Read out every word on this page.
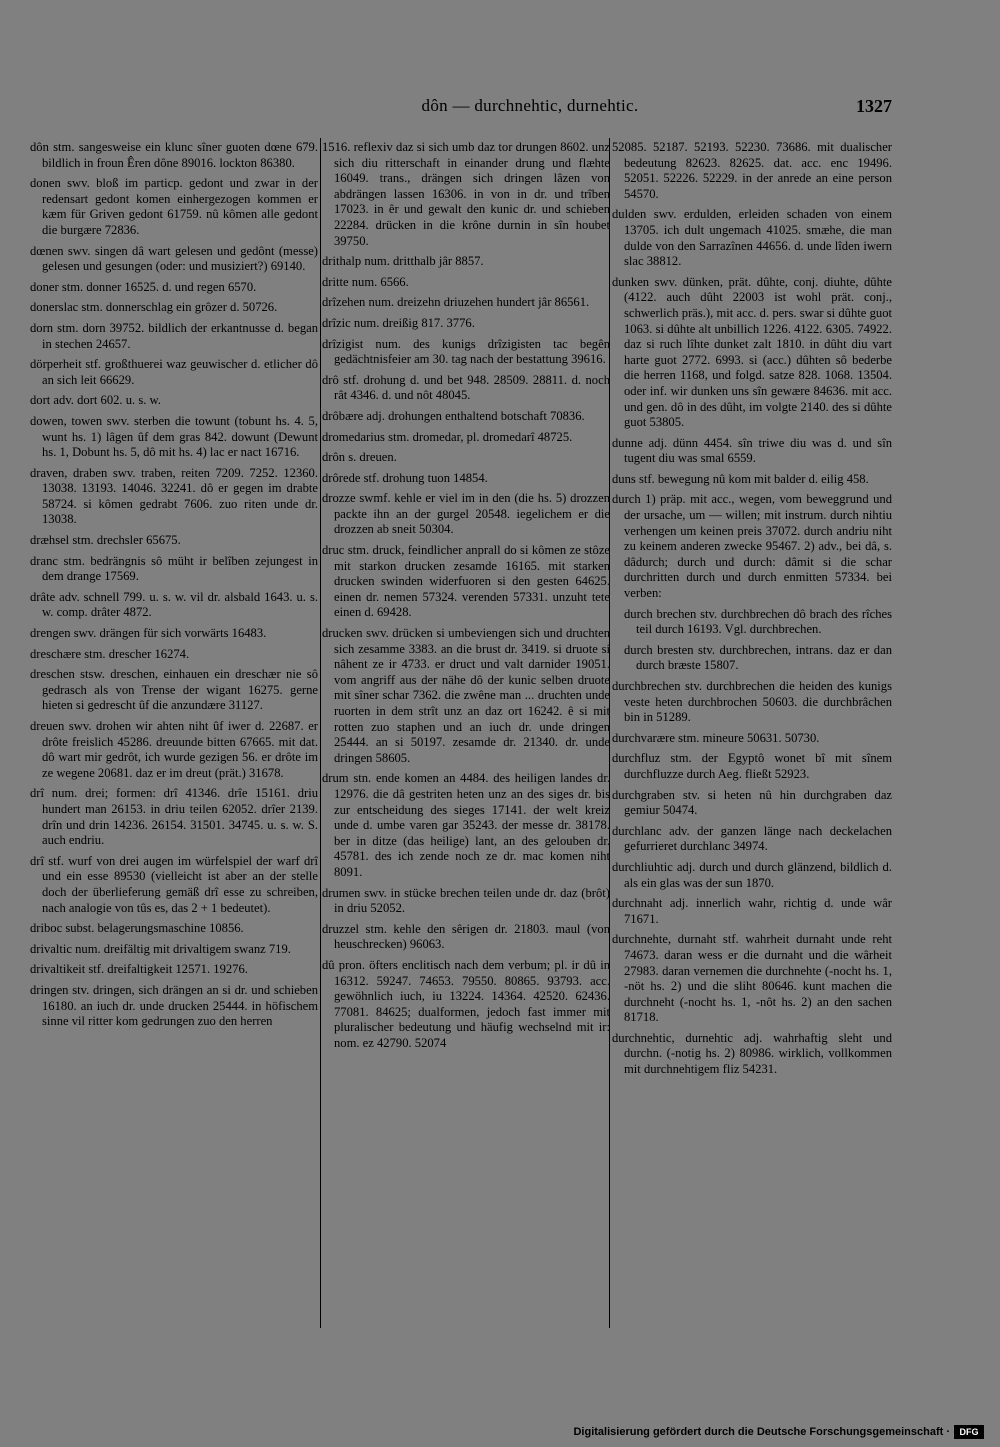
dôn — durchnehtic, durnehtic.	1327

dôn stm. sangesweise ein klunc sîner guoten dœne 679. bildlich in froun Êren dône 89016. lockton 86380.

donen swv. bloß im particp. gedont und zwar in der redensart gedont komen einhergezogen kommen er kæm für Griven gedont 61759. nû kômen alle gedont die burgære 72836.

dœnen swv. singen dâ wart gelesen und gedônt (messe) gelesen und gesungen (oder: und musiziert?) 69140.

doner stm. donner 16525. d. und regen 6570.

donerslac stm. donnerschlag ein grôzer d. 50726.

dorn stm. dorn 39752. bildlich der erkantnusse d. began in stechen 24657.

dörperheit stf. großthuerei waz geuwischer d. etlicher dô an sich leit 66629.

dort adv. dort 602. u. s. w.

dowen, towen swv. sterben die towunt (tobunt hs. 4. 5, wunt hs. 1) lâgen ûf dem gras 842. dowunt (Dewunt hs. 1, Dobunt hs. 5, dô mit hs. 4) lac er nact 16716.

draven, draben swv. traben, reiten 7209. 7252. 12360. 13038. 13193. 14046. 32241. dô er gegen im drabte 58724. si kômen gedrabt 7606. zuo riten unde dr. 13038.

dræhsel stm. drechsler 65675.

dranc stm. bedrängnis sô müht ir belîben zejungest in dem drange 17569.

drâte adv. schnell 799. u. s. w. vil dr. alsbald 1643. u. s. w. comp. drâter 4872.

drengen swv. drängen für sich vorwärts 16483.

dreschære stm. drescher 16274.

dreschen stsw. dreschen, einhauen ein dreschær nie sô gedrasch als von Trense der wigant 16275. gerne hieten si gedrescht ûf die anzundære 31127.

dreuen swv. drohen wir ahten niht ûf iwer d. 22687. er drôte freislich 45286. dreuunde bitten 67665. mit dat. dô wart mir gedrôt, ich wurde gezigen 56. er drôte im ze wegene 20681. daz er im dreut (prät.) 31678.

drî num. drei; formen: drî 41346. drîe 15161. driu hundert man 26153. in driu teilen 62052. drîer 2139. drîn und drin 14236. 26154. 31501. 34745. u. s. w. S. auch endriu.

drî stf. wurf von drei augen im würfelspiel der warf drî und ein esse 89530 (vielleicht ist aber an der stelle doch der überlieferung gemäß drî esse zu schreiben, nach analogie von tûs es, das 2 + 1 bedeutet).

driboc subst. belagerungsmaschine 10856.

drivaltic num. dreifältig mit drivaltigem swanz 719.

drivaltikeit stf. dreifaltigkeit 12571. 19276.

dringen stv. dringen, sich drängen an si dr. und schieben 16180. an iuch dr. unde drucken 25444. in höfischem sinne vil ritter kom gedrungen zuo den herren

1516. reflexiv daz si sich umb daz tor drungen 8602. unz sich diu ritterschaft in einander drung und flæhte 16049. trans., drängen sich dringen lâzen von abdrängen lassen 16306. in von in dr. und trîben 17023. in êr und gewalt den kunic dr. und schieben 22284. drücken in die krône durnin in sîn houbet 39750.

drithalp num. dritthalb jâr 8857.

dritte num. 6566.

drîzehen num. dreizehn driuzehen hundert jâr 86561.

drîzic num. dreißig 817. 3776.

drîzigist num. des kunigs drîzigisten tac begên gedächtnisfeier am 30. tag nach der bestattung 39616.

drô stf. drohung d. und bet 948. 28509. 28811. d. noch rât 4346. d. und nôt 48045.

drôbære adj. drohungen enthaltend botschaft 70836.

dromedarius stm. dromedar, pl. dromedarî 48725.

drôn s. dreuen.

drôrede stf. drohung tuon 14854.

drozze swmf. kehle er viel im in den (die hs. 5) drozzen packte ihn an der gurgel 20548. iegelichem er die drozzen ab sneit 50304.

druc stm. druck, feindlicher anprall do si kômen ze stôze mit starkon drucken zesamde 16165. mit starken drucken swinden widerfuoren si den gesten 64625. einen dr. nemen 57324. verenden 57331. unzuht tete einen d. 69428.

drucken swv. drücken si umbeviengen sich und druchten sich zesamme 3383. an die brust dr. 3419. si druote si nâhent ze ir 4733. er druct und valt darnider 19051. vom angriff aus der nähe dô der kunic selben druote mit sîner schar 7362. die zwêne man ... druchten unde ruorten in dem strît unz an daz ort 16242. ê si mit rotten zuo staphen und an iuch dr. unde dringen 25444. an si 50197. zesamde dr. 21340. dr. unde dringen 58605.

drum stn. ende komen an 4484. des heiligen landes dr. 12976. die dâ gestriten heten unz an des siges dr. bis zur entscheidung des sieges 17141. der welt kreiz unde d. umbe varen gar 35243. der messe dr. 38178. ber in ditze (das heilige) lant, an des gelouben dr. 45781. des ich zende noch ze dr. mac komen niht 8091.

drumen swv. in stücke brechen teilen unde dr. daz (brôt) in driu 52052.

druzzel stm. kehle den sêrigen dr. 21803. maul (von heuschrecken) 96063.

dû pron. öfters enclitisch nach dem verbum; pl. ir dû in 16312. 59247. 74653. 79550. 80865. 93793. acc. gewöhnlich iuch, iu 13224. 14364. 42520. 62436. 77081. 84625; dualformen, jedoch fast immer mit pluralischer bedeutung und häufig wechselnd mit ir: nom. ez 42790. 52074

52085. 52187. 52193. 52230. 73686. mit dualischer bedeutung 82623. 82625. dat. acc. enc 19496. 52051. 52226. 52229. in der anrede an eine person 54570.

dulden swv. erdulden, erleiden schaden von einem 13705. ich dult ungemach 41025. smæhe, die man dulde von den Sarrazînen 44656. d. unde lîden iwern slac 38812.

dunken swv. dünken, prät. dûhte, conj. diuhte, dûhte (4122. auch dûht 22003 ist wohl prät. conj., schwerlich präs.), mit acc. d. pers. swar si dûhte guot 1063. si dûhte alt unbillich 1226. 4122. 6305. 74922. daz si ruch lîhte dunket zalt 1810. in dûht diu vart harte guot 2772. 6993. si (acc.) dûhten sô bederbe die herren 1168, und folgd. satze 828. 1068. 13504. oder inf. wir dunken uns sîn gewære 84636. mit acc. und gen. dô in des dûht, im volgte 2140. des si dûhte guot 53805.

dunne adj. dünn 4454. sîn triwe diu was d. und sîn tugent diu was smal 6559.

duns stf. bewegung nû kom mit balder d. eilig 458.

durch 1) präp. mit acc., wegen, vom beweggrund und der ursache, um — willen; mit instrum. durch nihtiu verhengen um keinen preis 37072. durch andriu niht zu keinem anderen zwecke 95467. 2) adv., bei dâ, s. dâdurch; durch und durch: dâmit si die schar durchritten durch und durch enmitten 57334. bei verben:

durch brechen stv. durchbrechen dô brach des rîches teil durch 16193. Vgl. durchbrechen.

durch bresten stv. durchbrechen, intrans. daz er dan durch bræste 15807.

durchbrechen stv. durchbrechen die heiden des kunigs veste heten durchbrochen 50603. die durchbrâchen bin in 51289.

durchvarære stm. mineure 50631. 50730.

durchfluz stm. der Egyptô wonet bî mit sînem durchfluzze durch Aeg. fließt 52923.

durchgraben stv. si heten nû hin durchgraben daz gemiur 50474.

durchlanc adv. der ganzen länge nach deckelachen gefurrieret durchlanc 34974.

durchliuhtic adj. durch und durch glänzend, bildlich d. als ein glas was der sun 1870.

durchnaht adj. innerlich wahr, richtig d. unde wâr 71671.

durchnehte, durnaht stf. wahrheit durnaht unde reht 74673. daran wess er die durnaht und die wârheit 27983. daran vernemen die durchnehte (-nocht hs. 1, -nöt hs. 2) und die sliht 80646. kunt machen die durchneht (-nocht hs. 1, -nôt hs. 2) an den sachen 81718.

durchnehtic, durnehtic adj. wahrhaftig sleht und durchn. (-notig hs. 2) 80986. wirklich, vollkommen mit durchnehtigem fliz 54231.

Digitalisierung gefördert durch die Deutsche Forschungsgemeinschaft ·	DFG
